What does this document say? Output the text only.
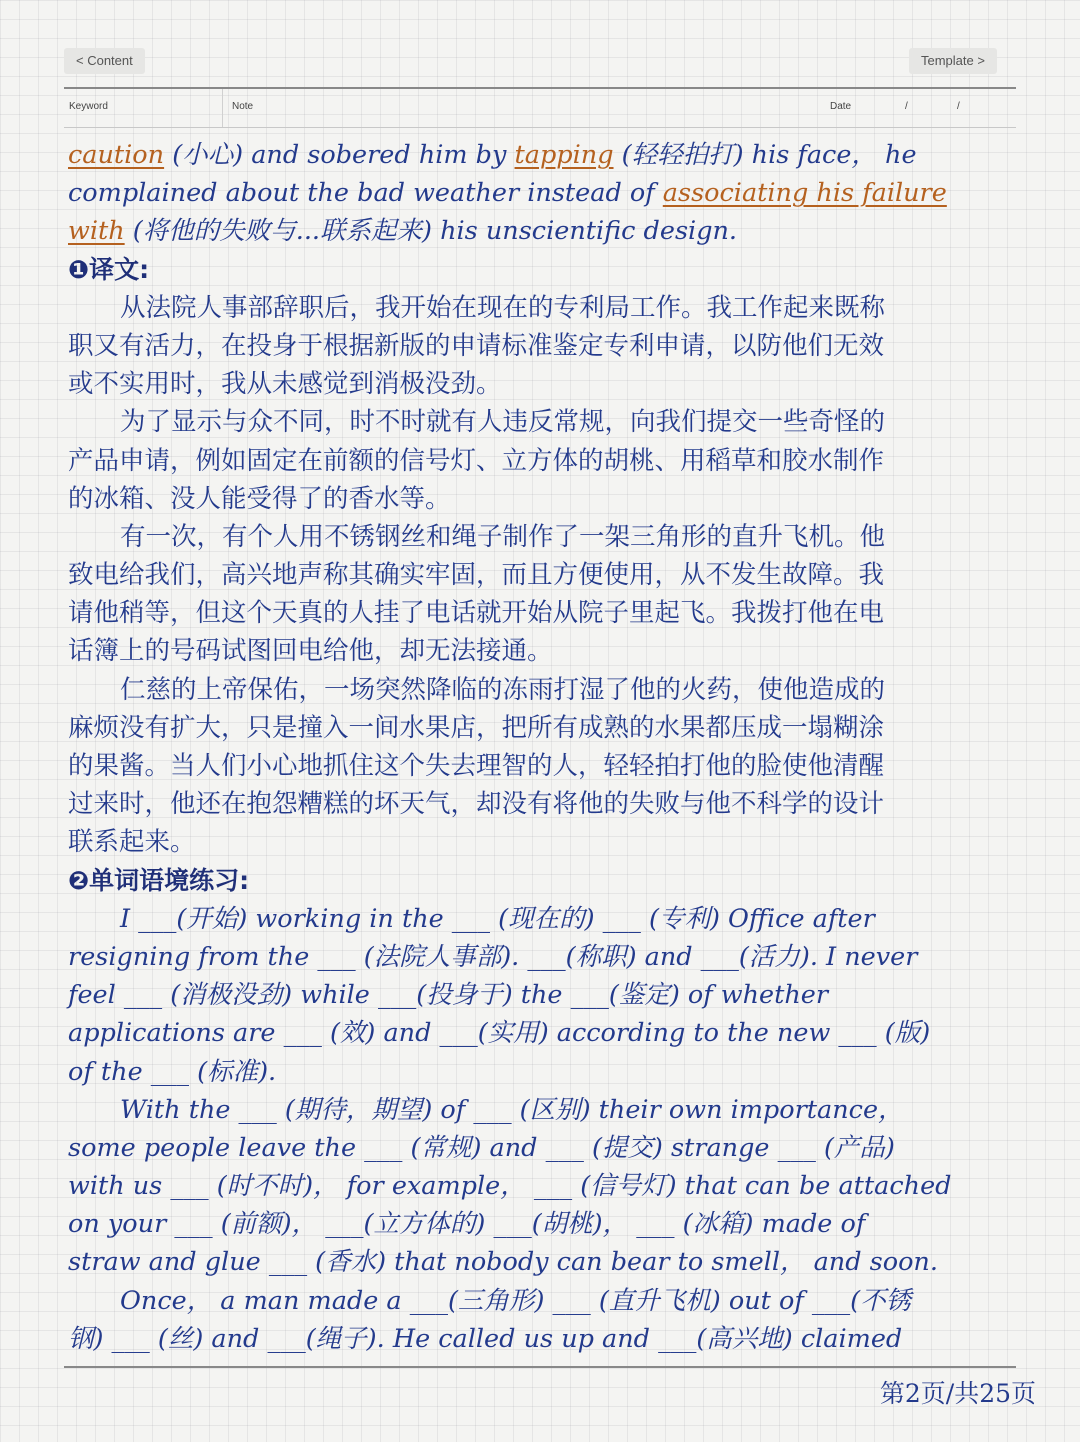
< Content	Template >
Keyword	Note	Date	/	/
caution (小心) and sobered him by tapping (轻轻拍打) his face， he
complained about the bad weather instead of associating his failure
with (将他的失败与...联系起来) his unscientific design.
❶译文:
从法院人事部辞职后，我开始在现在的专利局工作。我工作起来既称
职又有活力，在投身于根据新版的申请标准鉴定专利申请，以防他们无效
或不实用时，我从未感觉到消极没劲。
为了显示与众不同，时不时就有人违反常规，向我们提交一些奇怪的
产品申请，例如固定在前额的信号灯、立方体的胡桃、用稻草和胶水制作
的冰箱、没人能受得了的香水等。
有一次，有个人用不锈钢丝和绳子制作了一架三角形的直升飞机。他
致电给我们，高兴地声称其确实牢固，而且方便使用，从不发生故障。我
请他稍等，但这个天真的人挂了电话就开始从院子里起飞。我拨打他在电
话簿上的号码试图回电给他，却无法接通。
仁慈的上帝保佑，一场突然降临的冻雨打湿了他的火药，使他造成的
麻烦没有扩大，只是撞入一间水果店，把所有成熟的水果都压成一塌糊涂
的果酱。当人们小心地抓住这个失去理智的人，轻轻拍打他的脸使他清醒
过来时，他还在抱怨糟糕的坏天气，却没有将他的失败与他不科学的设计
联系起来。
❷单词语境练习:
I ___(开始) working in the ___ (现在的) ___ (专利) Office after
resigning from the ___ (法院人事部). ___(称职) and ___(活力). I never
feel ___ (消极没劲) while ___(投身于) the ___(鉴定) of whether
applications are ___ (效) and ___(实用) according to the new ___ (版)
of the ___ (标准).
With the ___ (期待，期望) of ___ (区别) their own importance，
some people leave the ___ (常规) and ___ (提交) strange ___ (产品)
with us ___ (时不时)， for example， ___ (信号灯) that can be attached
on your ___ (前额)， ___(立方体的) ___(胡桃)， ___ (冰箱) made of
straw and glue ___ (香水) that nobody can bear to smell， and soon.
Once， a man made a ___(三角形) ___ (直升飞机) out of ___(不锈
钢) ___ (丝) and ___(绳子). He called us up and ___(高兴地) claimed
第2页/共25页
